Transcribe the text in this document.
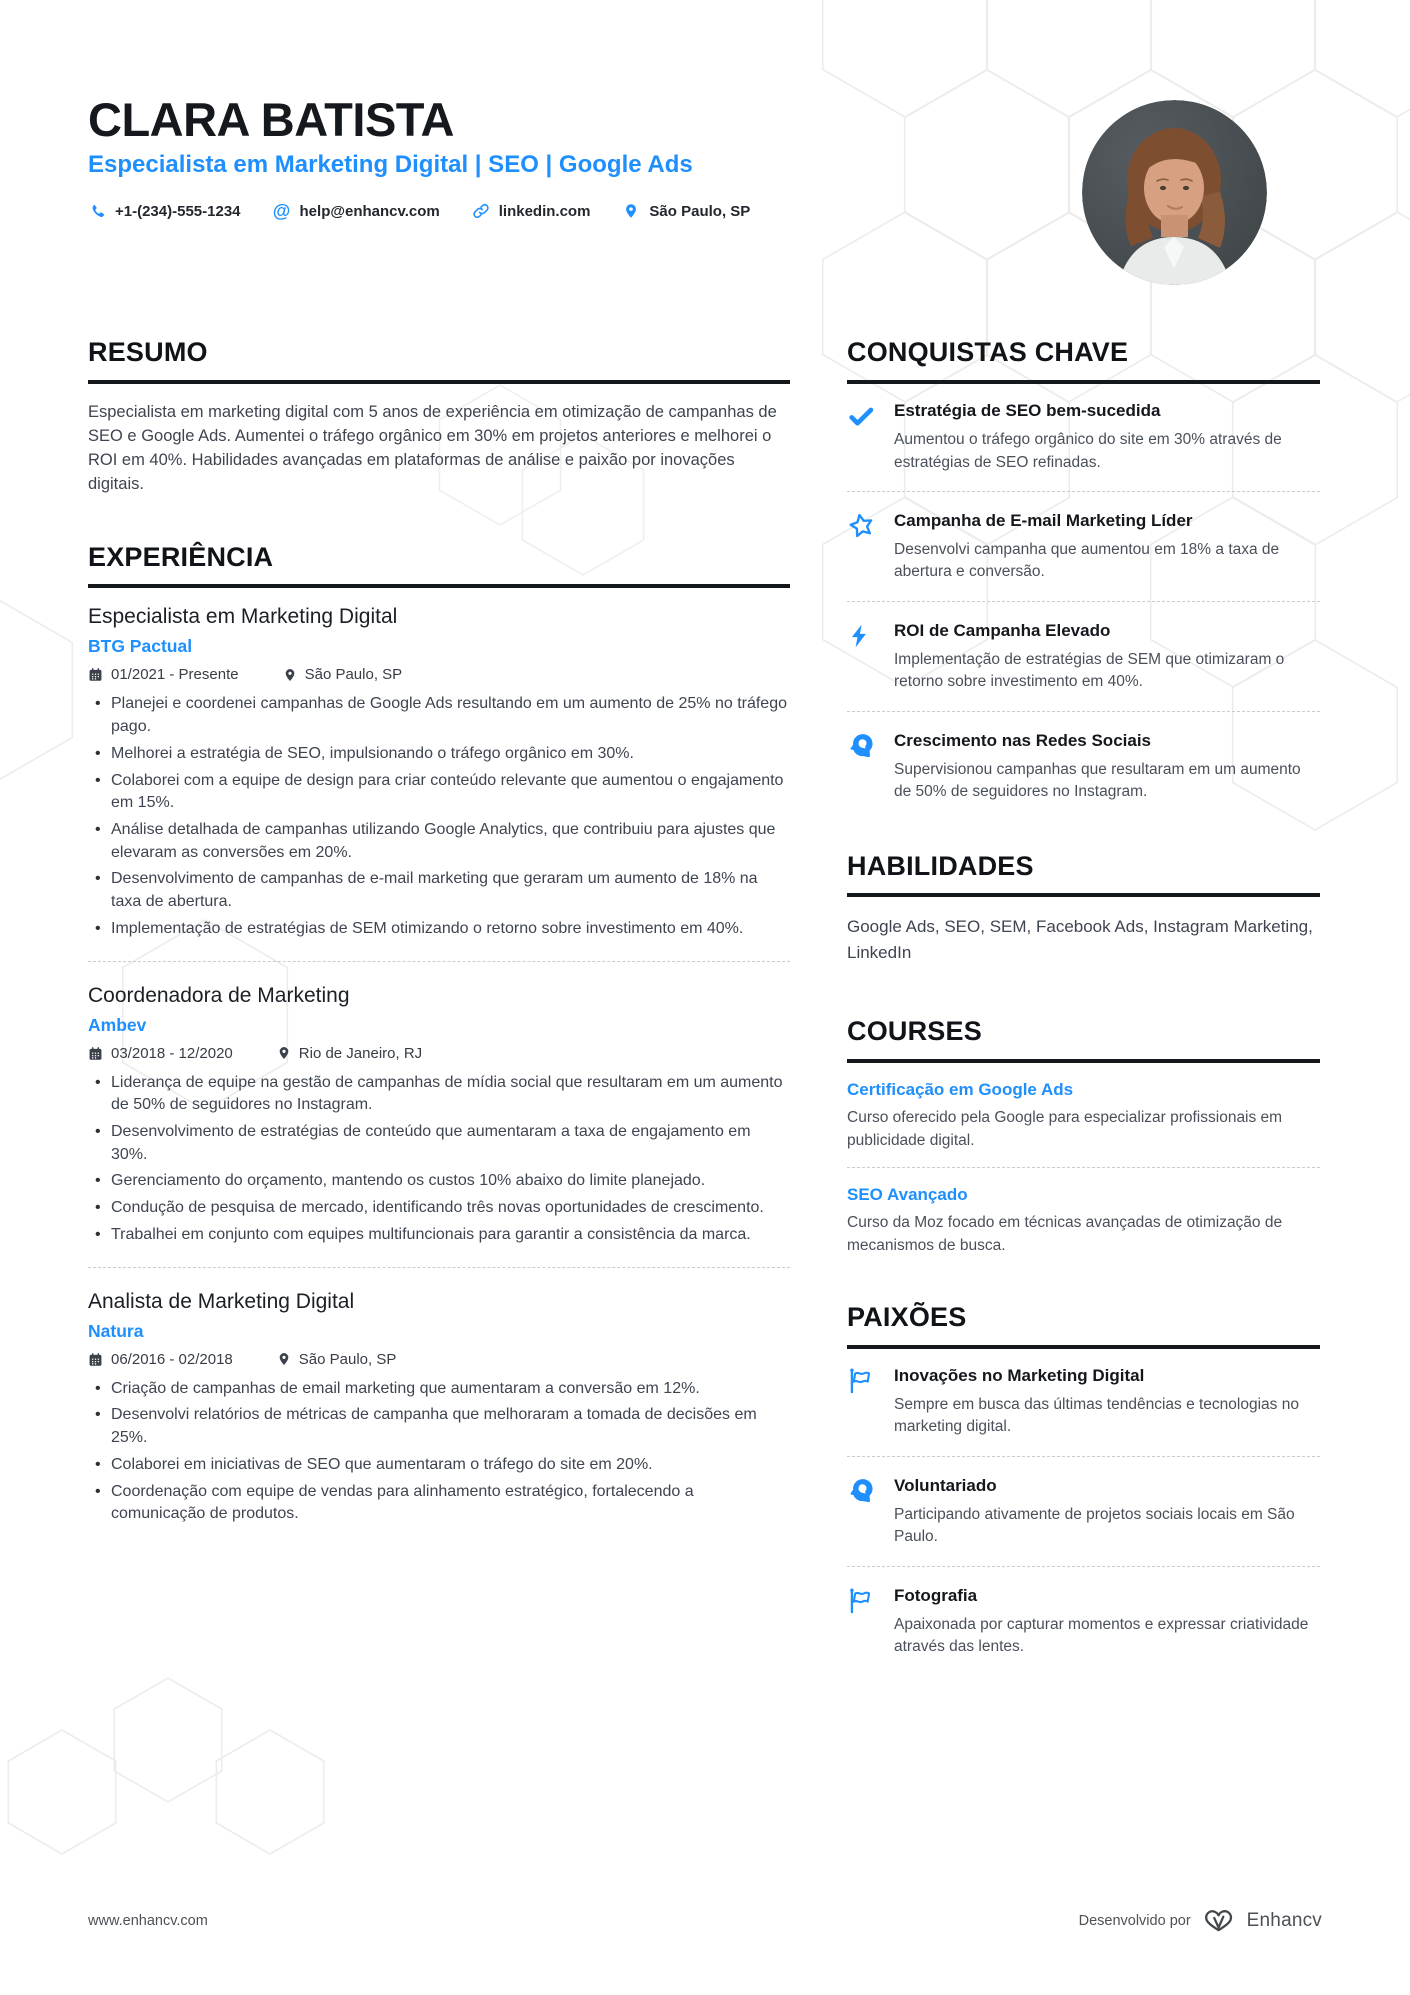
CLARA BATISTA
Especialista em Marketing Digital | SEO | Google Ads
+1-(234)-555-1234 @ help@enhancv.com	linkedin.com	São Paulo, SP
RESUMO

Especialista em marketing digital com 5 anos de experiência em otimização de campanhas de SEO e Google Ads. Aumentei o tráfego orgânico em 30% em projetos anteriores e melhorei o ROI em 40%. Habilidades avançadas em plataformas de análise e paixão por inovações digitais.

EXPERIÊNCIA
Especialista em Marketing Digital
BTG Pactual
01/2021 - Presente	São Paulo, SP
• Planejei e coordenei campanhas de Google Ads resultando em um aumento de 25% no tráfego pago.
• Melhorei a estratégia de SEO, impulsionando o tráfego orgânico em 30%.
• Colaborei com a equipe de design para criar conteúdo relevante que aumentou o engajamento em 15%.
• Análise detalhada de campanhas utilizando Google Analytics, que contribuiu para ajustes que elevaram as conversões em 20%.
• Desenvolvimento de campanhas de e-mail marketing que geraram um aumento de 18% na taxa de abertura.
• Implementação de estratégias de SEM otimizando o retorno sobre investimento em 40%.
Coordenadora de Marketing
Ambev
03/2018 - 12/2020	Rio de Janeiro, RJ
• Liderança de equipe na gestão de campanhas de mídia social que resultaram em um aumento de 50% de seguidores no Instagram.
• Desenvolvimento de estratégias de conteúdo que aumentaram a taxa de engajamento em 30%.
• Gerenciamento do orçamento, mantendo os custos 10% abaixo do limite planejado.
• Condução de pesquisa de mercado, identificando três novas oportunidades de crescimento.
• Trabalhei em conjunto com equipes multifuncionais para garantir a consistência da marca.
Analista de Marketing Digital
Natura
06/2016 - 02/2018	São Paulo, SP
• Criação de campanhas de email marketing que aumentaram a conversão em 12%.
• Desenvolvi relatórios de métricas de campanha que melhoraram a tomada de decisões em 25%.
• Colaborei em iniciativas de SEO que aumentaram o tráfego do site em 20%.
• Coordenação com equipe de vendas para alinhamento estratégico, fortalecendo a comunicação de produtos.
CONQUISTAS CHAVE
Estratégia de SEO bem-sucedida

Aumentou o tráfego orgânico do site em 30% através de estratégias de SEO refinadas.

Campanha de E-mail Marketing Líder

Desenvolvi campanha que aumentou em 18% a taxa de abertura e conversão.

ROI de Campanha Elevado

Implementação de estratégias de SEM que otimizaram o retorno sobre investimento em 40%.

Crescimento nas Redes Sociais

Supervisionou campanhas que resultaram em um aumento de 50% de seguidores no Instagram.

HABILIDADES

Google Ads, SEO, SEM, Facebook Ads, Instagram Marketing, LinkedIn

COURSES
Certificação em Google Ads

Curso oferecido pela Google para especializar profissionais em publicidade digital.

SEO Avançado

Curso da Moz focado em técnicas avançadas de otimização de mecanismos de busca.

PAIXÕES
Inovações no Marketing Digital

Sempre em busca das últimas tendências e tecnologias no marketing digital.

Voluntariado

Participando ativamente de projetos sociais locais em São Paulo.

Fotografia

Apaixonada por capturar momentos e expressar criatividade através das lentes.

www.enhancv.com	Desenvolvido por	Enhancv
